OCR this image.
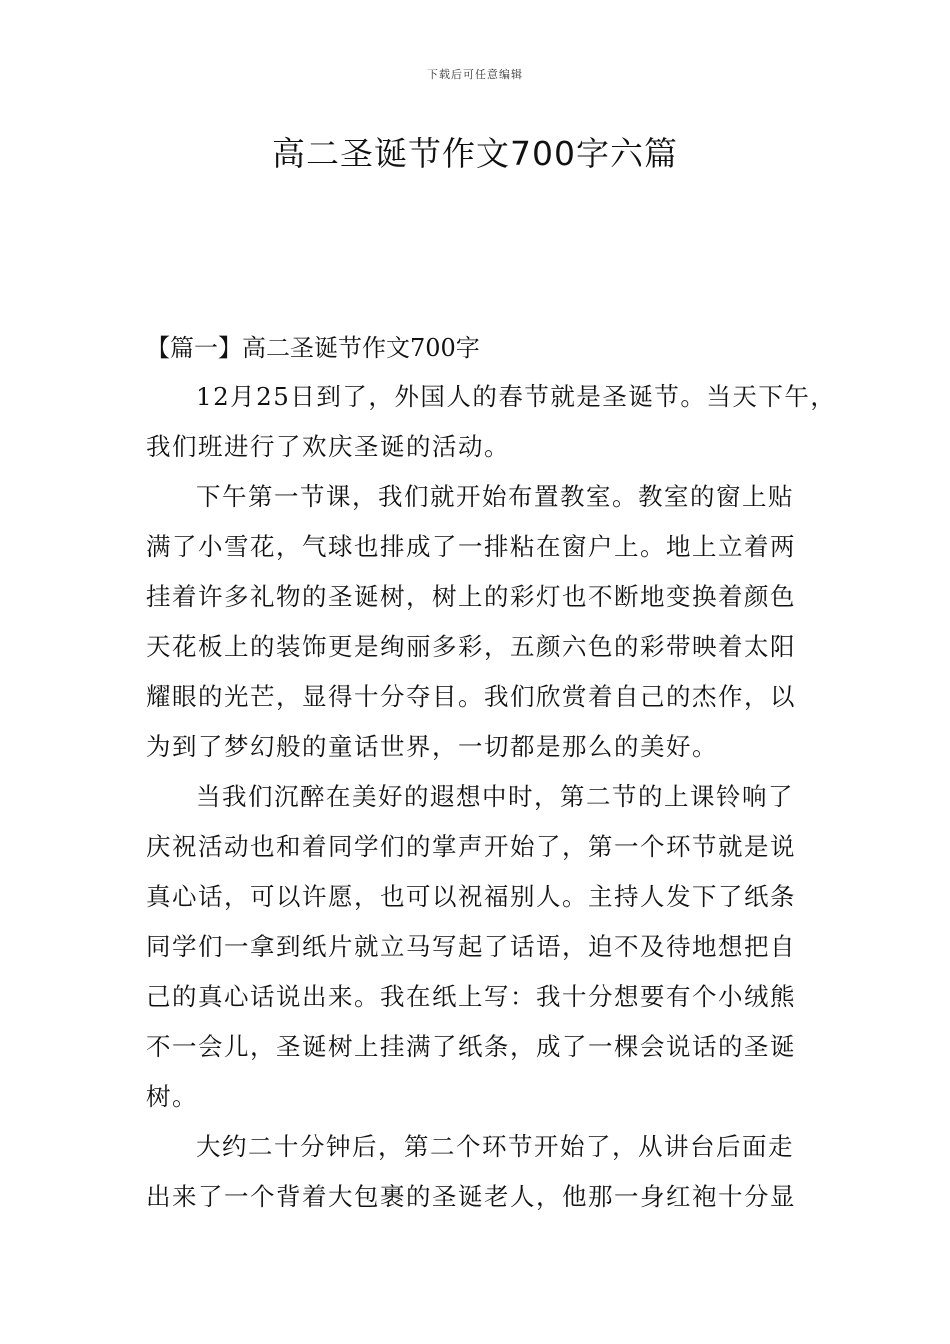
下载后可任意编辑
高二圣诞节作文700字六篇
【篇一】高二圣诞节作文700字
12月25日到了，外国人的春节就是圣诞节。当天下午，
我们班进行了欢庆圣诞的活动。
下午第一节课，我们就开始布置教室。教室的窗上贴
满了小雪花，气球也排成了一排粘在窗户上。地上立着两
挂着许多礼物的圣诞树，树上的彩灯也不断地变换着颜色
天花板上的装饰更是绚丽多彩，五颜六色的彩带映着太阳
耀眼的光芒，显得十分夺目。我们欣赏着自己的杰作，以
为到了梦幻般的童话世界，一切都是那么的美好。
当我们沉醉在美好的遐想中时，第二节的上课铃响了
庆祝活动也和着同学们的掌声开始了，第一个环节就是说
真心话，可以许愿，也可以祝福别人。主持人发下了纸条
同学们一拿到纸片就立马写起了话语，迫不及待地想把自
己的真心话说出来。我在纸上写：我十分想要有个小绒熊
不一会儿，圣诞树上挂满了纸条，成了一棵会说话的圣诞
树。
大约二十分钟后，第二个环节开始了，从讲台后面走
出来了一个背着大包裹的圣诞老人，他那一身红袍十分显
